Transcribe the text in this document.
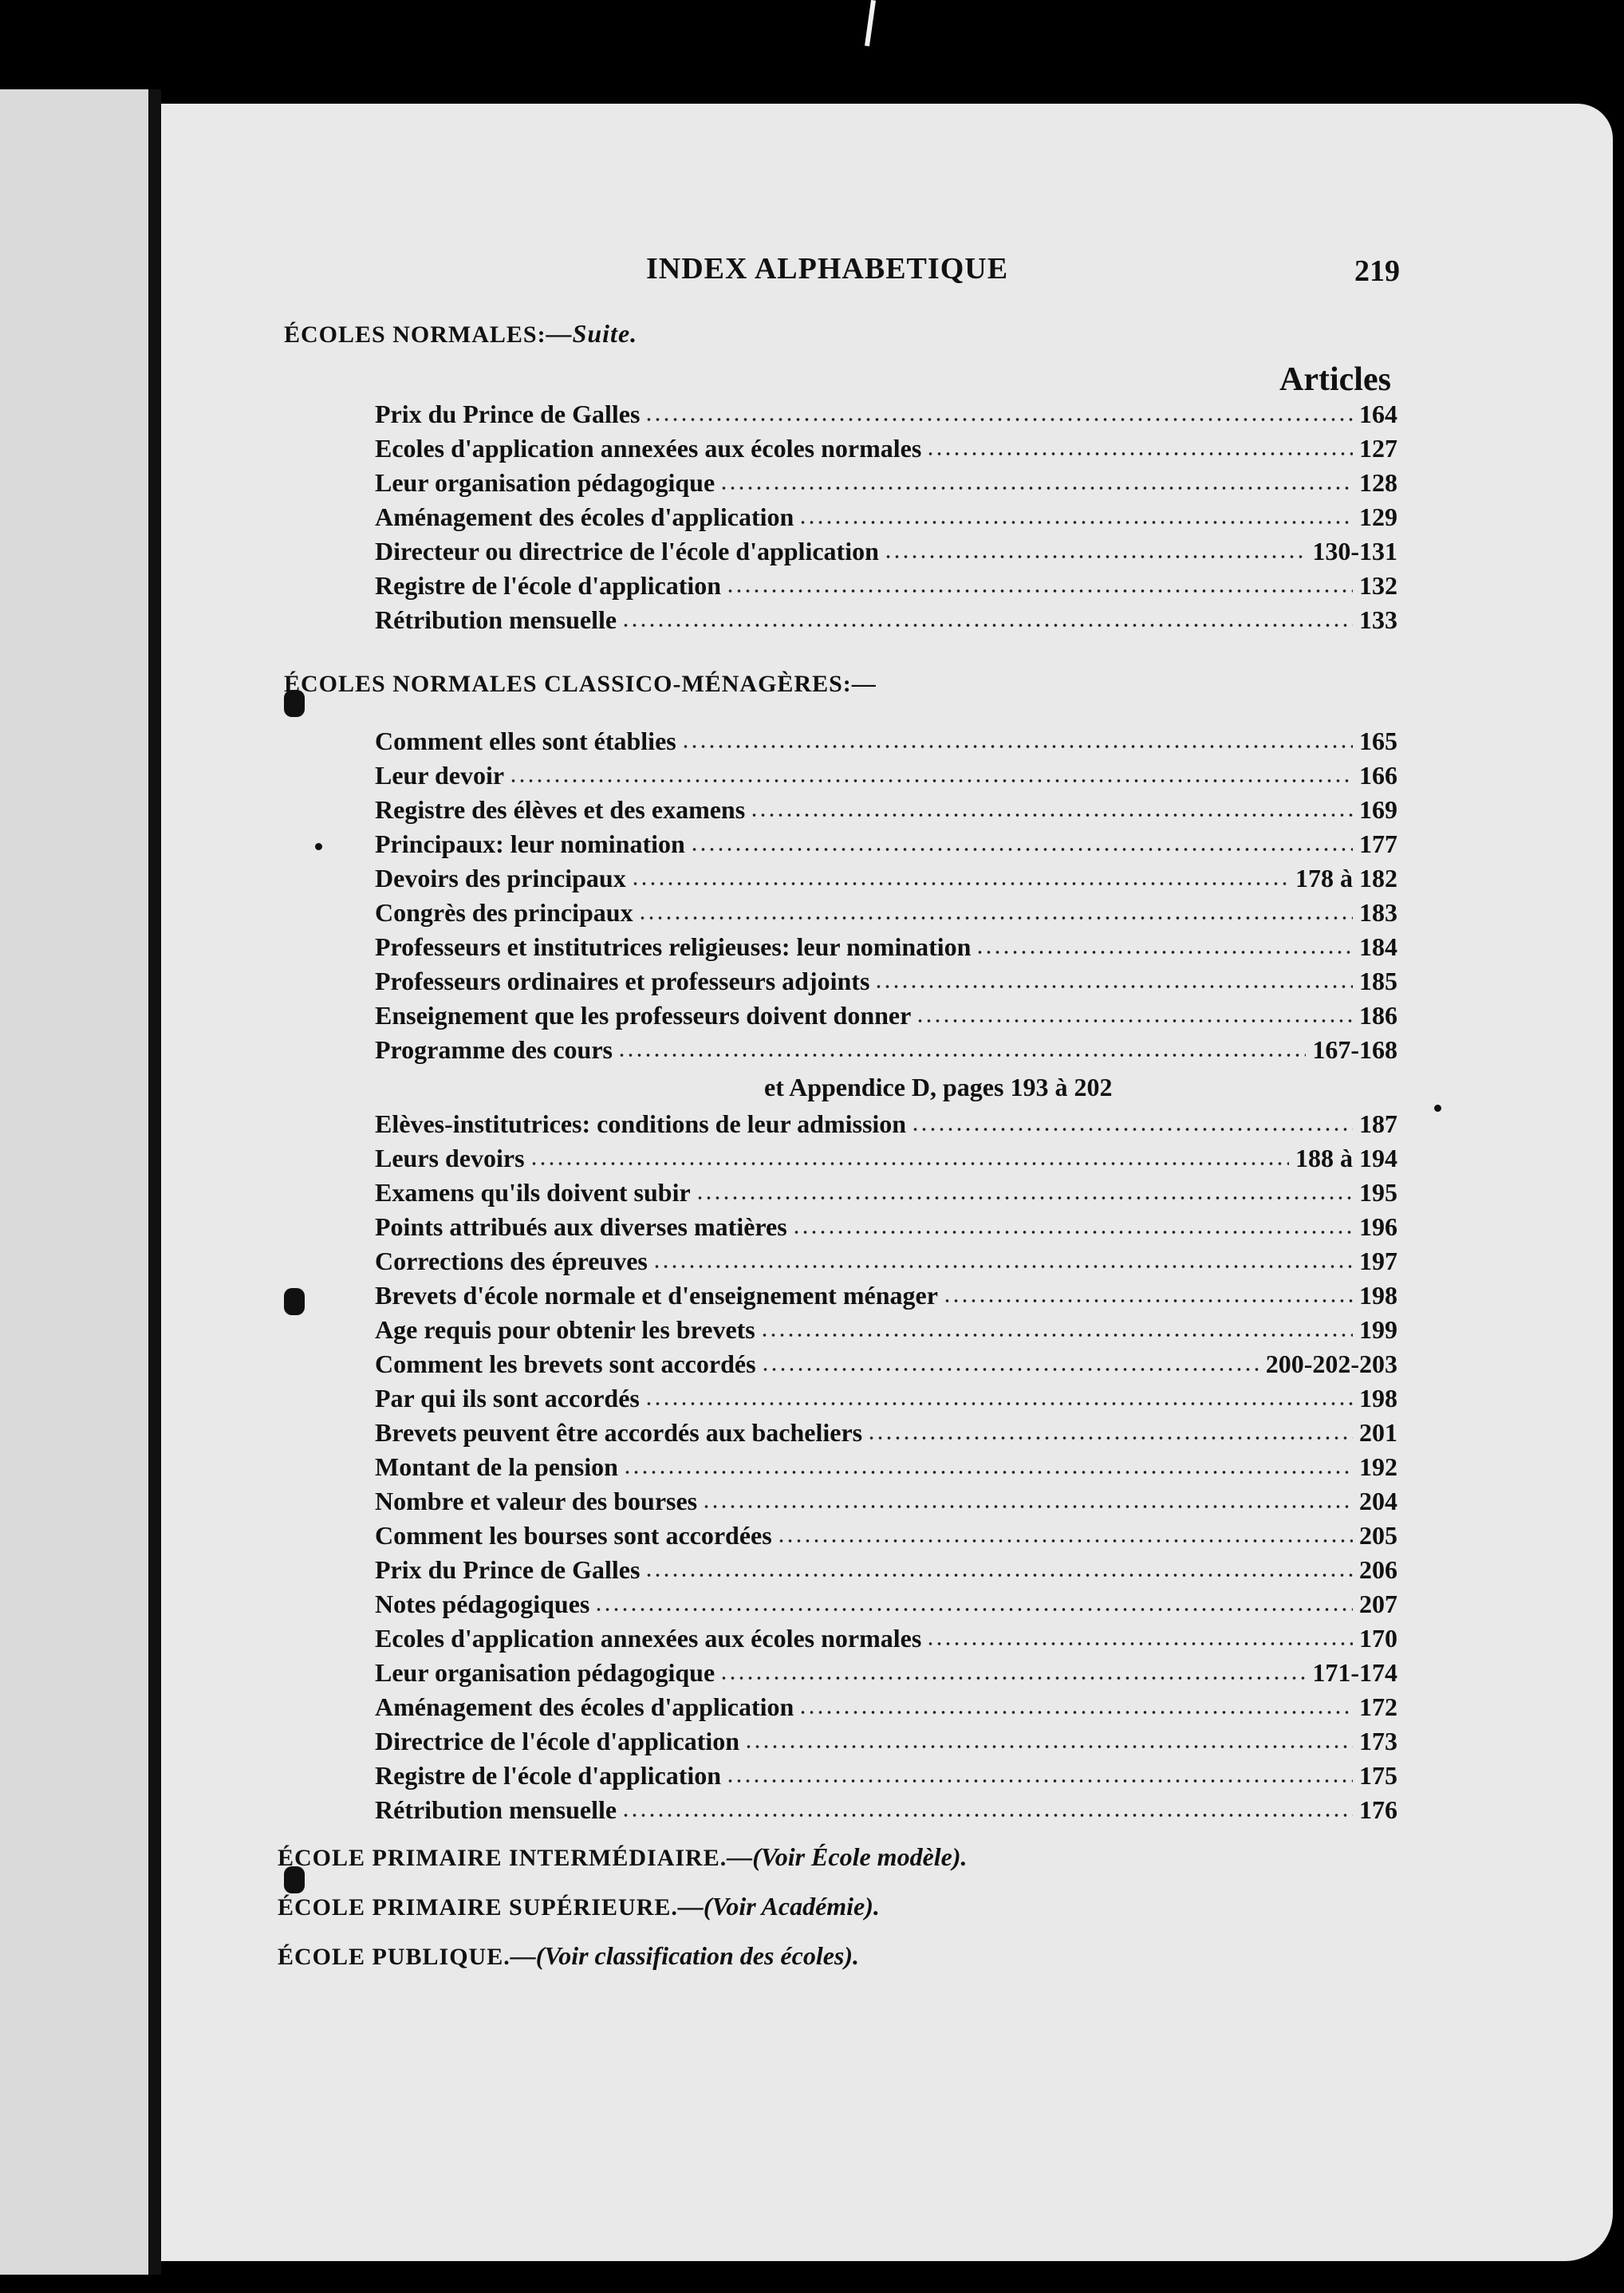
INDEX ALPHABETIQUE	219
ÉCOLES NORMALES:—Suite.
Articles
Prix du Prince de Galles	164
Ecoles d'application annexées aux écoles normales	127
Leur organisation pédagogique	128
Aménagement des écoles d'application	129
Directeur ou directrice de l'école d'application	130-131
Registre de l'école d'application	132
Rétribution mensuelle	133
ÉCOLES NORMALES CLASSICO-MÉNAGÈRES:—
Comment elles sont établies	165
Leur devoir	166
Registre des élèves et des examens	169
Principaux: leur nomination	177
Devoirs des principaux	178 à 182
Congrès des principaux	183
Professeurs et institutrices religieuses: leur nomination	184
Professeurs ordinaires et professeurs adjoints	185
Enseignement que les professeurs doivent donner	186
Programme des cours	167-168
et Appendice D, pages 193 à 202
Elèves-institutrices: conditions de leur admission	187
Leurs devoirs	188 à 194
Examens qu'ils doivent subir	195
Points attribués aux diverses matières	196
Corrections des épreuves	197
Brevets d'école normale et d'enseignement ménager	198
Age requis pour obtenir les brevets	199
Comment les brevets sont accordés	200-202-203
Par qui ils sont accordés	198
Brevets peuvent être accordés aux bacheliers	201
Montant de la pension	192
Nombre et valeur des bourses	204
Comment les bourses sont accordées	205
Prix du Prince de Galles	206
Notes pédagogiques	207
Ecoles d'application annexées aux écoles normales	170
Leur organisation pédagogique	171-174
Aménagement des écoles d'application	172
Directrice de l'école d'application	173
Registre de l'école d'application	175
Rétribution mensuelle	176
ÉCOLE PRIMAIRE INTERMÉDIAIRE.—(Voir École modèle).
ÉCOLE PRIMAIRE SUPÉRIEURE.—(Voir Académie).
ÉCOLE PUBLIQUE.—(Voir classification des écoles).
